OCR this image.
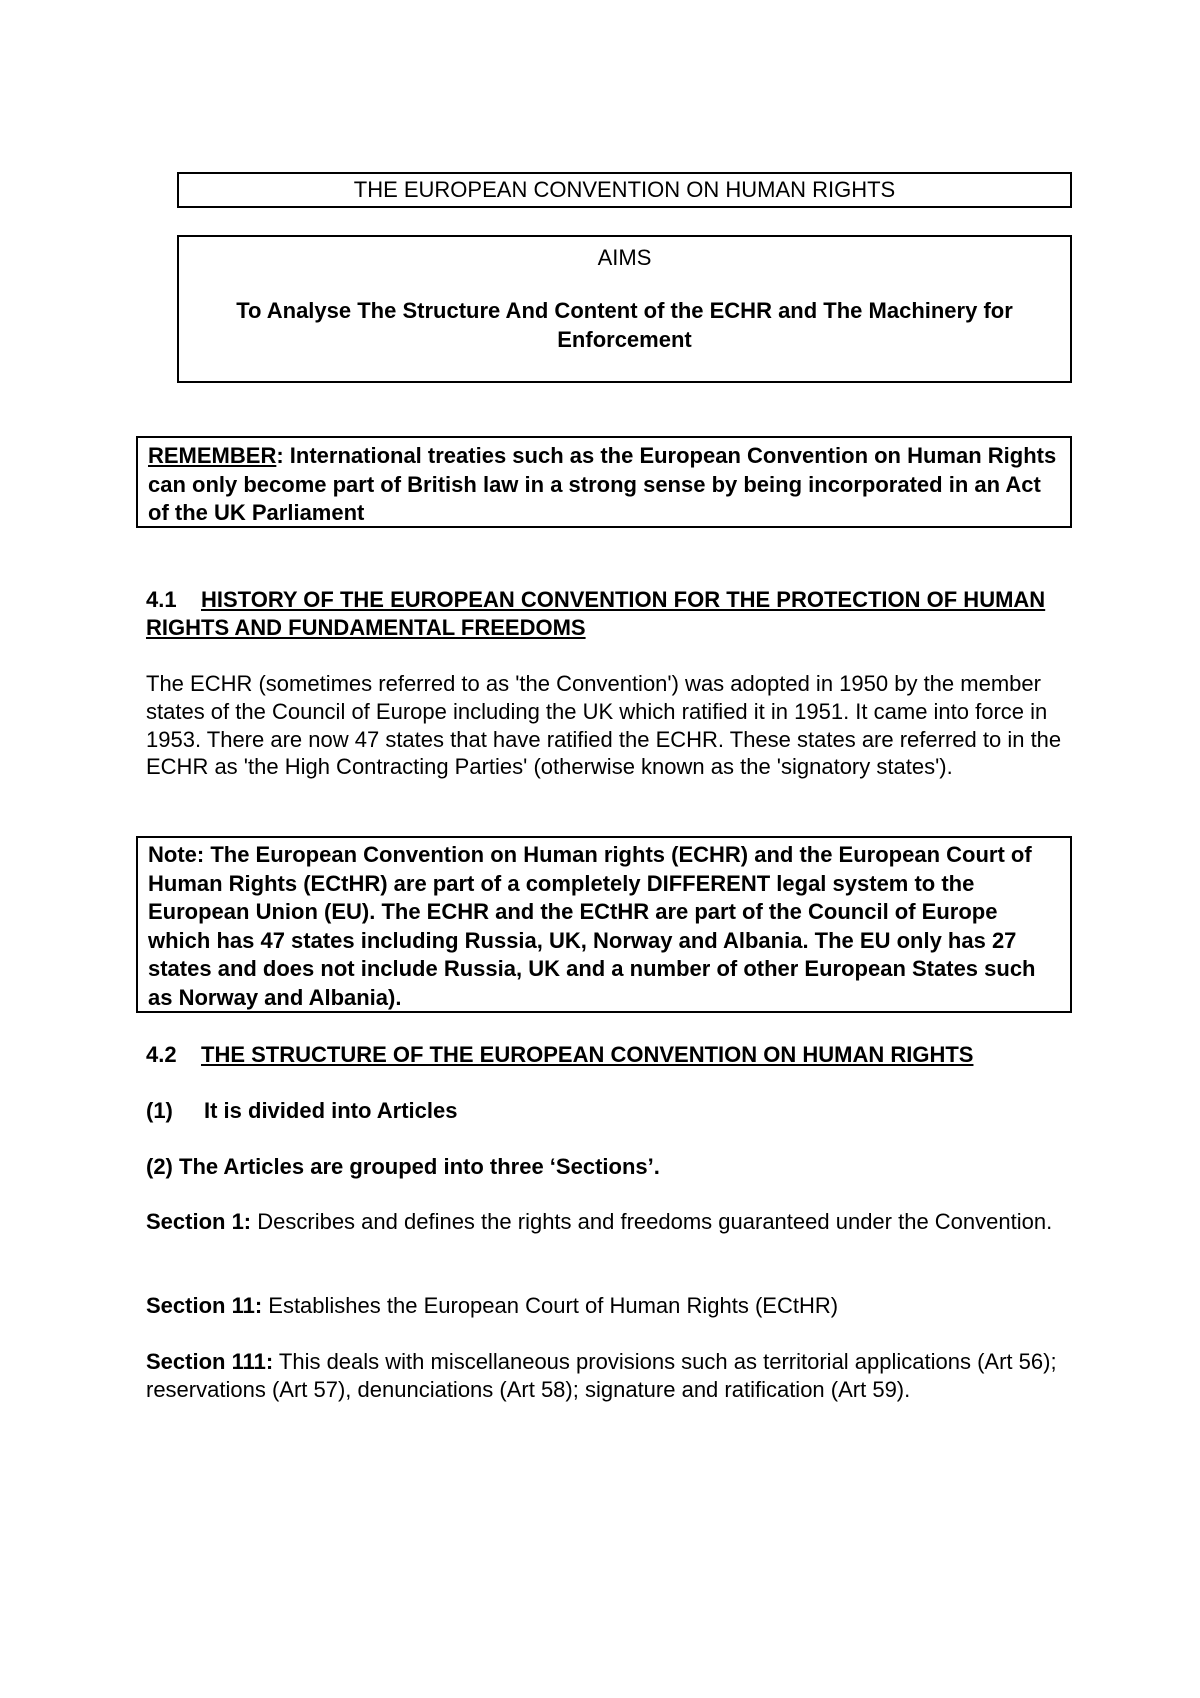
THE EUROPEAN CONVENTION ON HUMAN RIGHTS
AIMS
To Analyse The Structure And Content of the ECHR and The Machinery for Enforcement
REMEMBER: International treaties such as the European Convention on Human Rights can only become part of British law in a strong sense by being incorporated in an Act of the UK Parliament
4.1 HISTORY OF THE EUROPEAN CONVENTION FOR THE PROTECTION OF HUMAN RIGHTS AND FUNDAMENTAL FREEDOMS
The ECHR (sometimes referred to as 'the Convention') was adopted in 1950 by the member states of the Council of Europe including the UK which ratified it in 1951. It came into force in 1953. There are now 47 states that have ratified the ECHR. These states are referred to in the ECHR as 'the High Contracting Parties' (otherwise known as the 'signatory states').
Note: The European Convention on Human rights (ECHR) and the European Court of Human Rights (ECtHR) are part of a completely DIFFERENT legal system to the European Union (EU). The ECHR and the ECtHR are part of the Council of Europe which has 47 states including Russia, UK, Norway and Albania. The EU only has 27 states and does not include Russia, UK and a number of other European States such as Norway and Albania).
4.2 THE STRUCTURE OF THE EUROPEAN CONVENTION ON HUMAN RIGHTS
(1) It is divided into Articles
(2) The Articles are grouped into three ‘Sections’.
Section 1: Describes and defines the rights and freedoms guaranteed under the Convention.
Section 11: Establishes the European Court of Human Rights (ECtHR)
Section 111: This deals with miscellaneous provisions such as territorial applications (Art 56); reservations (Art 57), denunciations (Art 58); signature and ratification (Art 59).
